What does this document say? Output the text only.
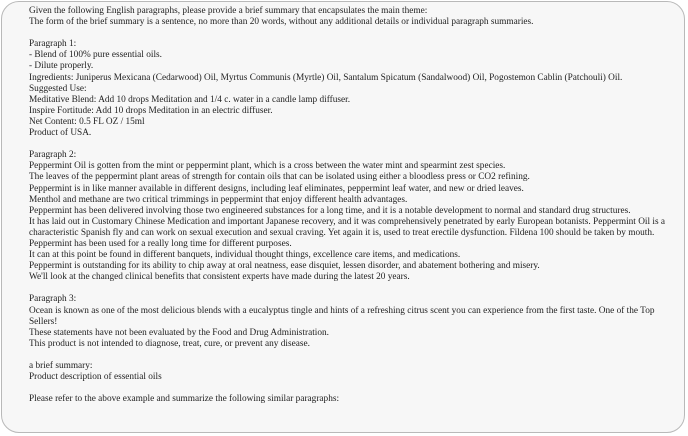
Given the following English paragraphs, please provide a brief summary that encapsulates the main theme:
The form of the brief summary is a sentence, no more than 20 words, without any additional details or individual paragraph summaries.
Paragraph 1:
- Blend of 100% pure essential oils.
- Dilute properly.
Ingredients: Juniperus Mexicana (Cedarwood) Oil, Myrtus Communis (Myrtle) Oil, Santalum Spicatum (Sandalwood) Oil, Pogostemon Cablin (Patchouli) Oil.
Suggested Use:
Meditative Blend: Add 10 drops Meditation and 1/4 c. water in a candle lamp diffuser.
Inspire Fortitude: Add 10 drops Meditation in an electric diffuser.
Net Content: 0.5 FL OZ / 15ml
Product of USA.
Paragraph 2:
Peppermint Oil is gotten from the mint or peppermint plant, which is a cross between the water mint and spearmint zest species.
The leaves of the peppermint plant areas of strength for contain oils that can be isolated using either a bloodless press or CO2 refining.
Peppermint is in like manner available in different designs, including leaf eliminates, peppermint leaf water, and new or dried leaves.
Menthol and methane are two critical trimmings in peppermint that enjoy different health advantages.
Peppermint has been delivered involving those two engineered substances for a long time, and it is a notable development to normal and standard drug structures.
It has laid out in Customary Chinese Medication and important Japanese recovery, and it was comprehensively penetrated by early European botanists. Peppermint Oil is a
characteristic Spanish fly and can work on sexual execution and sexual craving. Yet again it is, used to treat erectile dysfunction. Fildena 100 should be taken by mouth.
Peppermint has been used for a really long time for different purposes.
It can at this point be found in different banquets, individual thought things, excellence care items, and medications.
Peppermint is outstanding for its ability to chip away at oral neatness, ease disquiet, lessen disorder, and abatement bothering and misery.
We'll look at the changed clinical benefits that consistent experts have made during the latest 20 years.
Paragraph 3:
Ocean is known as one of the most delicious blends with a eucalyptus tingle and hints of a refreshing citrus scent you can experience from the first taste. One of the Top
Sellers!
These statements have not been evaluated by the Food and Drug Administration.
This product is not intended to diagnose, treat, cure, or prevent any disease.
a brief summary:
Product description of essential oils
Please refer to the above example and summarize the following similar paragraphs:
